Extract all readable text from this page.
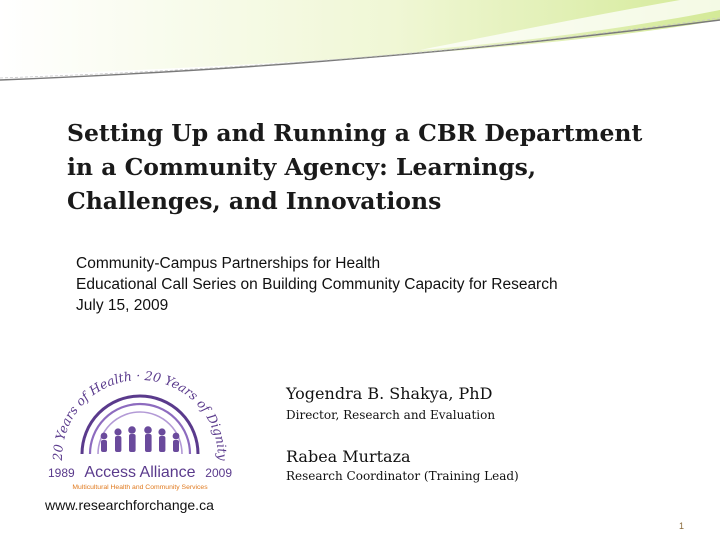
Setting Up and Running a CBR Department
in a Community Agency: Learnings,
Challenges, and Innovations
Community-Campus Partnerships for Health
Educational Call Series on Building Community Capacity for Research
July 15, 2009
20 Years of Health · 20 Years of Dignity
1989 Access Alliance 2009
Multicultural Health and Community Services
www.researchforchange.ca
Yogendra B. Shakya, PhD
Director, Research and Evaluation
Rabea Murtaza
Research Coordinator (Training Lead)
1
